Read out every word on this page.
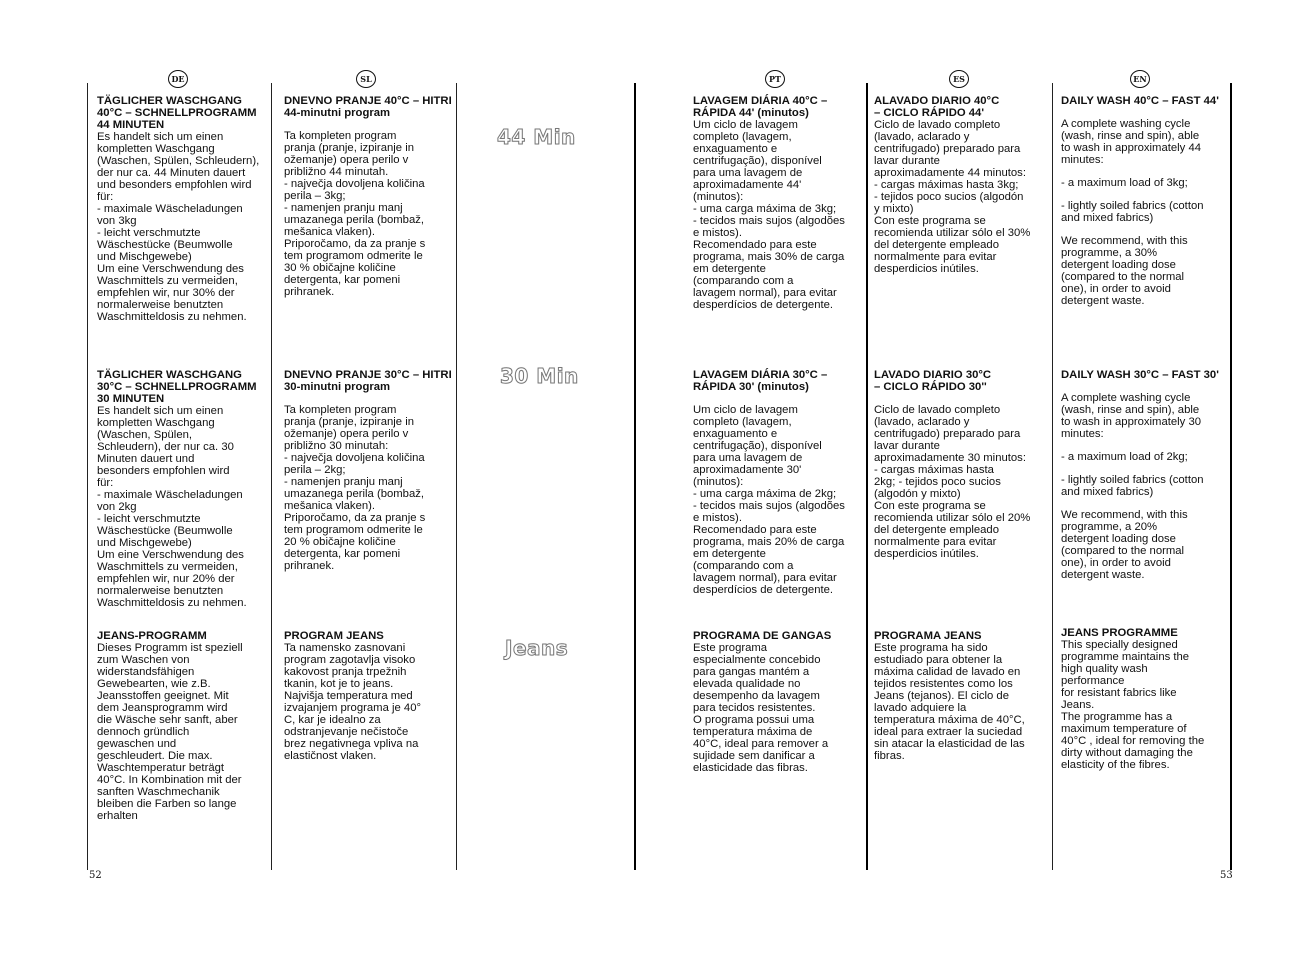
DE	SL	PT	ES	EN
44 Min
30 Min
Jeans
TÄGLICHER WASCHGANG
40°C – SCHNELLPROGRAMM
44 MINUTEN
Es handelt sich um einen
kompletten Waschgang
(Waschen, Spülen, Schleudern),
der nur ca. 44 Minuten dauert
und besonders empfohlen wird
für:
- maximale Wäscheladungen
von 3kg
- leicht verschmutzte
Wäschestücke (Beumwolle
und Mischgewebe)
Um eine Verschwendung des
Waschmittels zu vermeiden,
empfehlen wir, nur 30% der
normalerweise benutzten
Waschmitteldosis zu nehmen.
TÄGLICHER WASCHGANG
30°C – SCHNELLPROGRAMM
30 MINUTEN
Es handelt sich um einen
kompletten Waschgang
(Waschen, Spülen,
Schleudern), der nur ca. 30
Minuten dauert und
besonders empfohlen wird
für:
- maximale Wäscheladungen
von 2kg
- leicht verschmutzte
Wäschestücke (Beumwolle
und Mischgewebe)
Um eine Verschwendung des
Waschmittels zu vermeiden,
empfehlen wir, nur 20% der
normalerweise benutzten
Waschmitteldosis zu nehmen.
JEANS-PROGRAMM
Dieses Programm ist speziell
zum Waschen von
widerstandsfähigen
Gewebearten, wie z.B.
Jeansstoffen geeignet. Mit
dem Jeansprogramm wird
die Wäsche sehr sanft, aber
dennoch gründlich
gewaschen und
geschleudert. Die max.
Waschtemperatur beträgt
40°C. In Kombination mit der
sanften Waschmechanik
bleiben die Farben so lange
erhalten
DNEVNO PRANJE 40°C – HITRI
44-minutni program
Ta kompleten program
pranja (pranje, izpiranje in
ožemanje) opera perilo v
približno 44 minutah.
- največja dovoljena količina
perila – 3kg;
- namenjen pranju manj
umazanega perila (bombaž,
mešanica vlaken).
Priporočamo, da za pranje s
tem programom odmerite le
30 % običajne količine
detergenta, kar pomeni
prihranek.
DNEVNO PRANJE 30°C – HITRI
30-minutni program
Ta kompleten program
pranja (pranje, izpiranje in
ožemanje) opera perilo v
približno 30 minutah:
- največja dovoljena količina
perila – 2kg;
- namenjen pranju manj
umazanega perila (bombaž,
mešanica vlaken).
Priporočamo, da za pranje s
tem programom odmerite le
20 % običajne količine
detergenta, kar pomeni
prihranek.
PROGRAM JEANS
Ta namensko zasnovani
program zagotavlja visoko
kakovost pranja trpežnih
tkanin, kot je to jeans.
Najvišja temperatura med
izvajanjem programa je 40°
C, kar je idealno za
odstranjevanje nečistoče
brez negativnega vpliva na
elastičnost vlaken.
LAVAGEM DIÁRIA 40°C –
RÁPIDA 44' (minutos)
Um ciclo de lavagem
completo (lavagem,
enxaguamento e
centrifugação), disponível
para uma lavagem de
aproximadamente 44'
(minutos):
- uma carga máxima de 3kg;
- tecidos mais sujos (algodões
e mistos).
Recomendado para este
programa, mais 30% de carga
em detergente
(comparando com a
lavagem normal), para evitar
desperdícios de detergente.
LAVAGEM DIÁRIA 30°C –
RÁPIDA 30' (minutos)
Um ciclo de lavagem
completo (lavagem,
enxaguamento e
centrifugação), disponível
para uma lavagem de
aproximadamente 30'
(minutos):
- uma carga máxima de 2kg;
- tecidos mais sujos (algodões
e mistos).
Recomendado para este
programa, mais 20% de carga
em detergente
(comparando com a
lavagem normal), para evitar
desperdícios de detergente.
PROGRAMA DE GANGAS
Este programa
especialmente concebido
para gangas mantém a
elevada qualidade no
desempenho da lavagem
para tecidos resistentes.
O programa possui uma
temperatura máxima de
40°C, ideal para remover a
sujidade sem danificar a
elasticidade das fibras.
ALAVADO DIARIO 40°C
– CICLO RÁPIDO 44'
Ciclo de lavado completo
(lavado, aclarado y
centrifugado) preparado para
lavar durante
aproximadamente 44 minutos:
- cargas máximas hasta 3kg;
- tejidos poco sucios (algodón
y mixto)
Con este programa se
recomienda utilizar sólo el 30%
del detergente empleado
normalmente para evitar
desperdicios inútiles.
LAVADO DIARIO 30°C
– CICLO RÁPIDO 30''
Ciclo de lavado completo
(lavado, aclarado y
centrifugado) preparado para
lavar durante
aproximadamente 30 minutos:
- cargas máximas hasta
2kg; - tejidos poco sucios
(algodón y mixto)
Con este programa se
recomienda utilizar sólo el 20%
del detergente empleado
normalmente para evitar
desperdicios inútiles.
PROGRAMA JEANS
Este programa ha sido
estudiado para obtener la
máxima calidad de lavado en
tejidos resistentes como los
Jeans (tejanos). El ciclo de
lavado adquiere la
temperatura máxima de 40°C,
ideal para extraer la suciedad
sin atacar la elasticidad de las
fibras.
DAILY WASH 40°C – FAST 44'
A complete washing cycle
(wash, rinse and spin), able
to wash in approximately 44
minutes:
- a maximum load of 3kg;
- lightly soiled fabrics (cotton
and mixed fabrics)
We recommend, with this
programme, a 30%
detergent loading dose
(compared to the normal
one), in order to avoid
detergent waste.
DAILY WASH 30°C – FAST 30'
A complete washing cycle
(wash, rinse and spin), able
to wash in approximately 30
minutes:
- a maximum load of 2kg;
- lightly soiled fabrics (cotton
and mixed fabrics)
We recommend, with this
programme, a 20%
detergent loading dose
(compared to the normal
one), in order to avoid
detergent waste.
JEANS PROGRAMME
This specially designed
programme maintains the
high quality wash
performance
for resistant fabrics like
Jeans.
The programme has a
maximum temperature of
40°C , ideal for removing the
dirty without damaging the
elasticity of the fibres.
52	53
